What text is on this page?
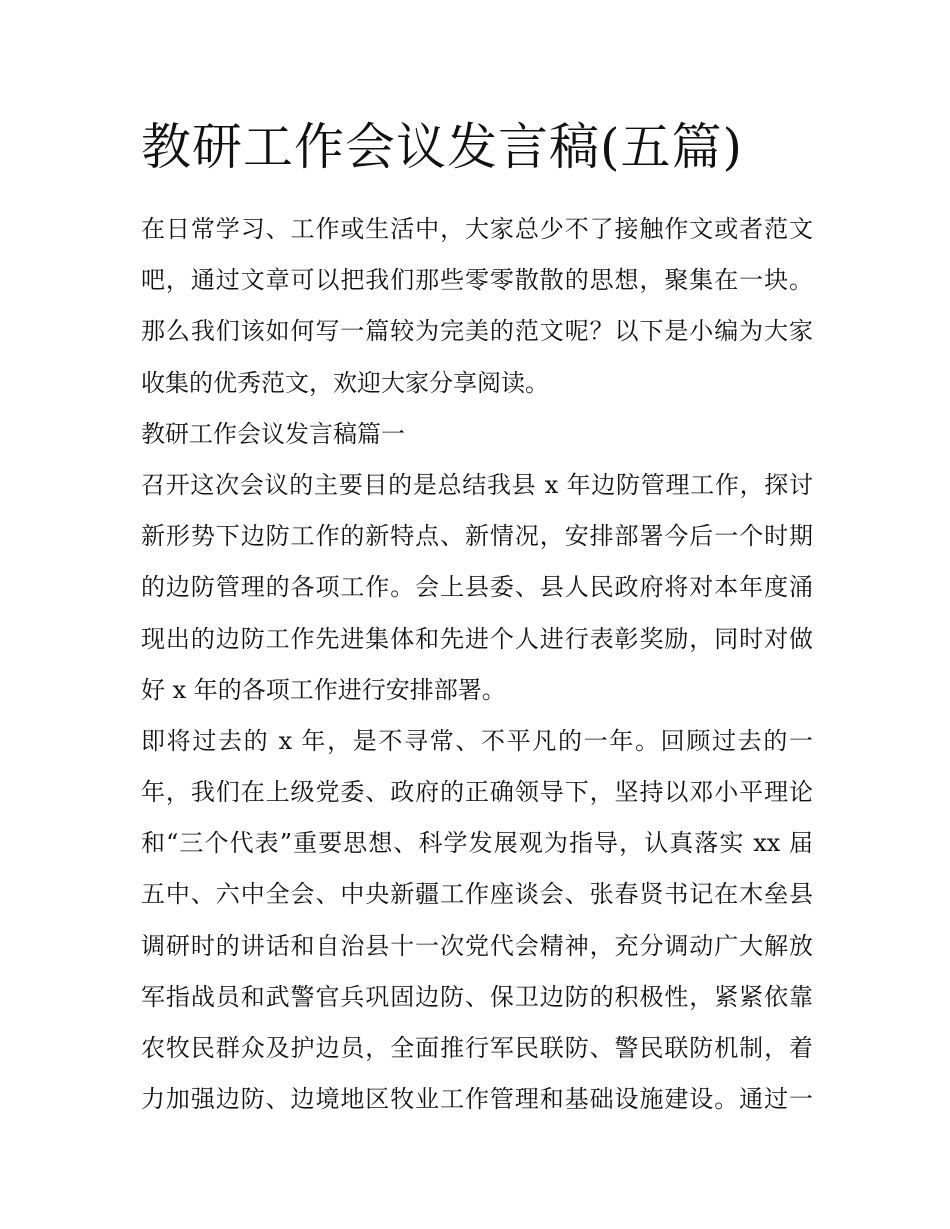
教研工作会议发言稿(五篇)
在日常学习、工作或生活中，大家总少不了接触作文或者范文
吧，通过文章可以把我们那些零零散散的思想，聚集在一块。
那么我们该如何写一篇较为完美的范文呢？以下是小编为大家
收集的优秀范文，欢迎大家分享阅读。
教研工作会议发言稿篇一
召开这次会议的主要目的是总结我县 x 年边防管理工作，探讨
新形势下边防工作的新特点、新情况，安排部署今后一个时期
的边防管理的各项工作。会上县委、县人民政府将对本年度涌
现出的边防工作先进集体和先进个人进行表彰奖励，同时对做
好 x 年的各项工作进行安排部署。
即将过去的 x 年，是不寻常、不平凡的一年。回顾过去的一
年，我们在上级党委、政府的正确领导下，坚持以邓小平理论
和“三个代表”重要思想、科学发展观为指导，认真落实 xx 届
五中、六中全会、中央新疆工作座谈会、张春贤书记在木垒县
调研时的讲话和自治县十一次党代会精神，充分调动广大解放
军指战员和武警官兵巩固边防、保卫边防的积极性，紧紧依靠
农牧民群众及护边员，全面推行军民联防、警民联防机制，着
力加强边防、边境地区牧业工作管理和基础设施建设。通过一
